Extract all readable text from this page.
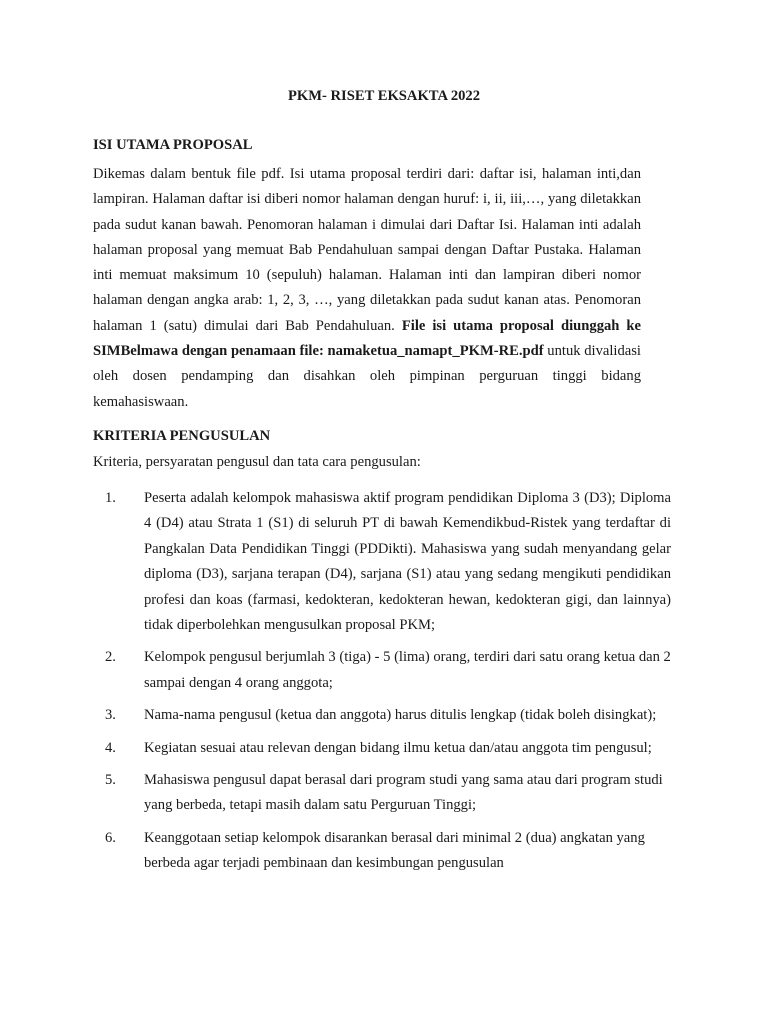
PKM- RISET EKSAKTA 2022
ISI UTAMA PROPOSAL
Dikemas dalam bentuk file pdf. Isi utama proposal terdiri dari: daftar isi, halaman inti,dan lampiran. Halaman daftar isi diberi nomor halaman dengan huruf: i, ii, iii,…, yang diletakkan pada sudut kanan bawah. Penomoran halaman i dimulai dari Daftar Isi. Halaman inti adalah halaman proposal yang memuat Bab Pendahuluan sampai dengan Daftar Pustaka. Halaman inti memuat maksimum 10 (sepuluh) halaman. Halaman inti dan lampiran diberi nomor halaman dengan angka arab: 1, 2, 3, …, yang diletakkan pada sudut kanan atas. Penomoran halaman 1 (satu) dimulai dari Bab Pendahuluan. File isi utama proposal diunggah ke SIMBelmawa dengan penamaan file: namaketua_namapt_PKM-RE.pdf untuk divalidasi oleh dosen pendamping dan disahkan oleh pimpinan perguruan tinggi bidang kemahasiswaan.
KRITERIA PENGUSULAN
Kriteria, persyaratan pengusul dan tata cara pengusulan:
1. Peserta adalah kelompok mahasiswa aktif program pendidikan Diploma 3 (D3); Diploma 4 (D4) atau Strata 1 (S1) di seluruh PT di bawah Kemendikbud-Ristek yang terdaftar di Pangkalan Data Pendidikan Tinggi (PDDikti). Mahasiswa yang sudah menyandang gelar diploma (D3), sarjana terapan (D4), sarjana (S1) atau yang sedang mengikuti pendidikan profesi dan koas (farmasi, kedokteran, kedokteran hewan, kedokteran gigi, dan lainnya) tidak diperbolehkan mengusulkan proposal PKM;
2. Kelompok pengusul berjumlah 3 (tiga) - 5 (lima) orang, terdiri dari satu orang ketua dan 2 sampai dengan 4 orang anggota;
3. Nama-nama pengusul (ketua dan anggota) harus ditulis lengkap (tidak boleh disingkat);
4. Kegiatan sesuai atau relevan dengan bidang ilmu ketua dan/atau anggota tim pengusul;
5. Mahasiswa pengusul dapat berasal dari program studi yang sama atau dari program studi yang berbeda, tetapi masih dalam satu Perguruan Tinggi;
6. Keanggotaan setiap kelompok disarankan berasal dari minimal 2 (dua) angkatan yang berbeda agar terjadi pembinaan dan kesimbungan pengusulan
